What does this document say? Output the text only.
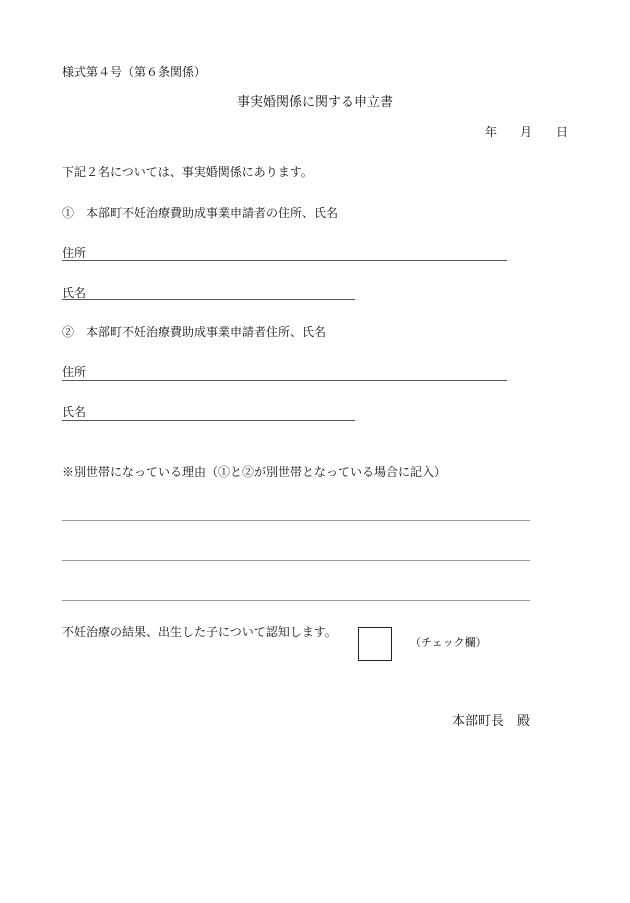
様式第４号（第６条関係）
事実婚関係に関する申立書
年 月 日
下記２名については、事実婚関係にあります。
①　本部町不妊治療費助成事業申請者の住所、氏名
住所
氏名
②　本部町不妊治療費助成事業申請者住所、氏名
住所
氏名
※別世帯になっている理由（①と②が別世帯となっている場合に記入）
不妊治療の結果、出生した子について認知します。
（チェック欄）
本部町長　殿
